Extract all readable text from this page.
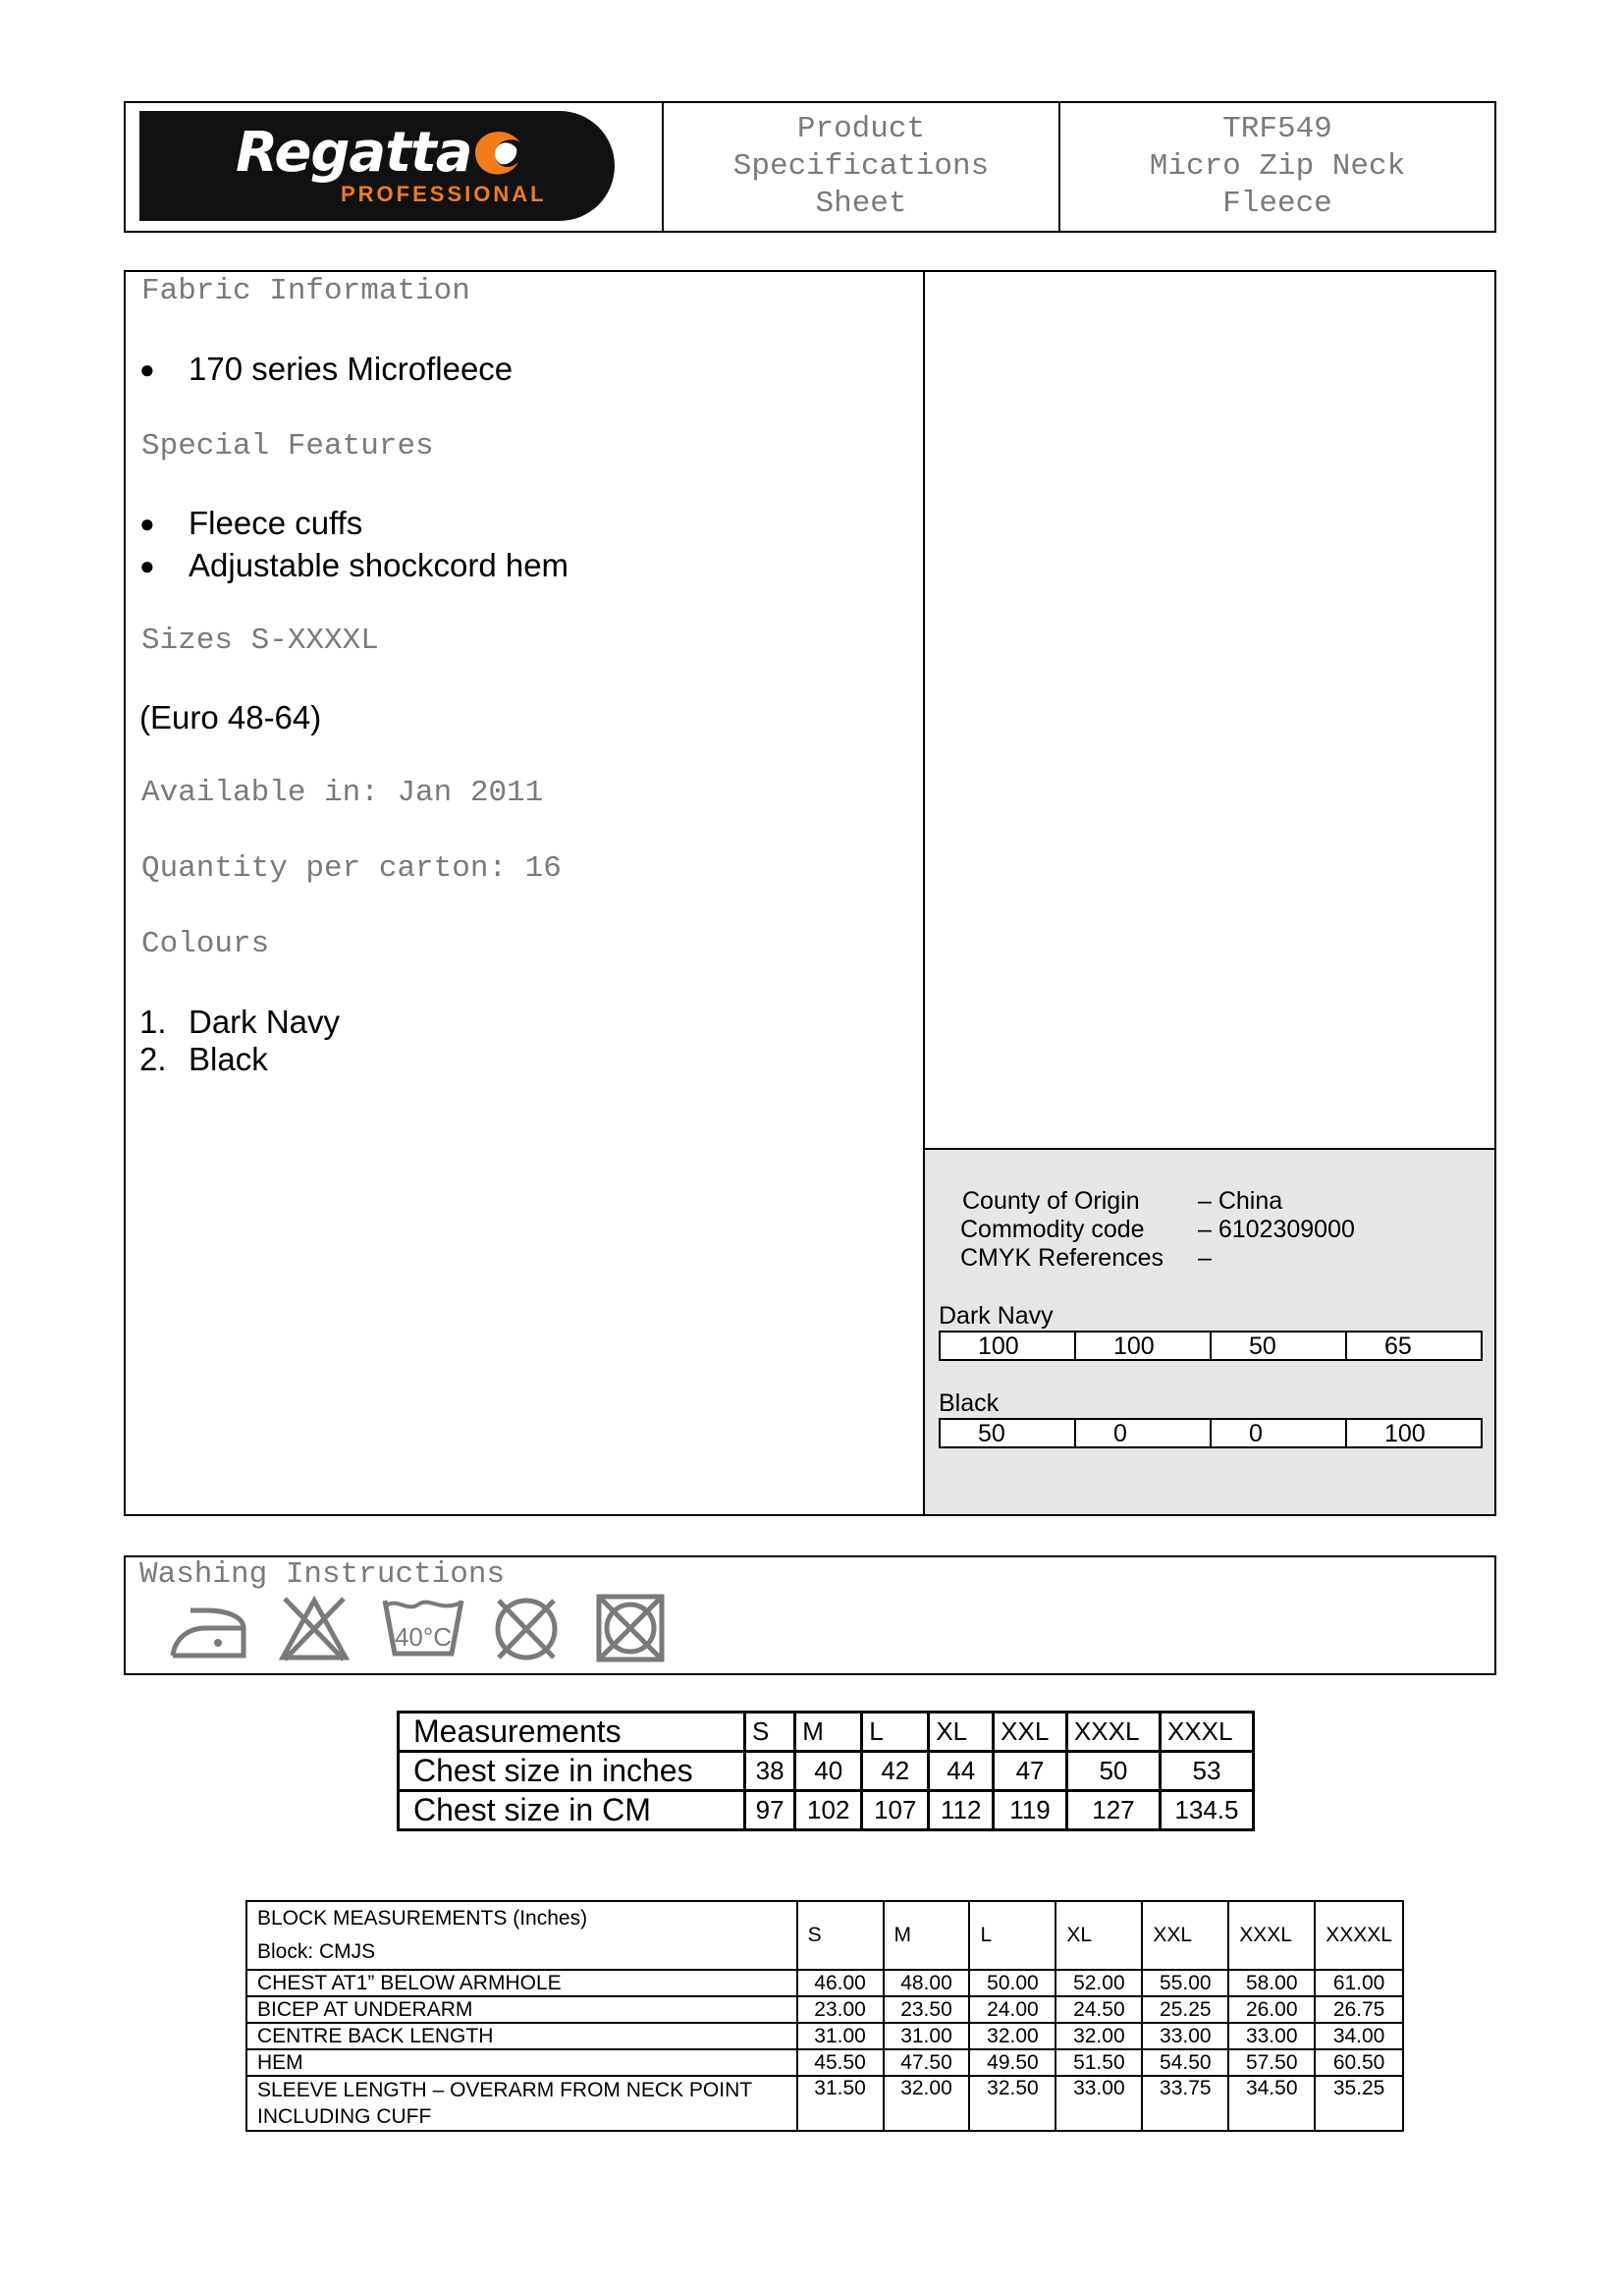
Regatta
PROFESSIONAL
Product
Specifications
Sheet
TRF549
Micro Zip Neck
Fleece
Fabric Information
●	170 series Microfleece
Special Features
●	Fleece cuffs
●	Adjustable shockcord hem
Sizes S-XXXXL
(Euro 48-64)
Available in: Jan 2011
Quantity per carton: 16
Colours
1. Dark Navy
2. Black
County of Origin	– China
Commodity code	– 6102309000
CMYK References	–
Dark Navy
100	100	50	65
Black
50	0	0	100
Washing Instructions
40°C
Measurements	S	M	L	XL	XXL	XXXL	XXXL
Chest size in inches	38	40	42	44	47	50	53
Chest size in CM	97	102	107	112	119	127	134.5
BLOCK MEASUREMENTS (Inches)
Block: CMJS	S	M	L	XL	XXL	XXXL	XXXXL
CHEST AT1” BELOW ARMHOLE	46.00	48.00	50.00	52.00	55.00	58.00	61.00
BICEP AT UNDERARM	23.00	23.50	24.00	24.50	25.25	26.00	26.75
CENTRE BACK LENGTH	31.00	31.00	32.00	32.00	33.00	33.00	34.00
HEM	45.50	47.50	49.50	51.50	54.50	57.50	60.50
SLEEVE LENGTH – OVERARM FROM NECK POINT INCLUDING CUFF	31.50	32.00	32.50	33.00	33.75	34.50	35.25
